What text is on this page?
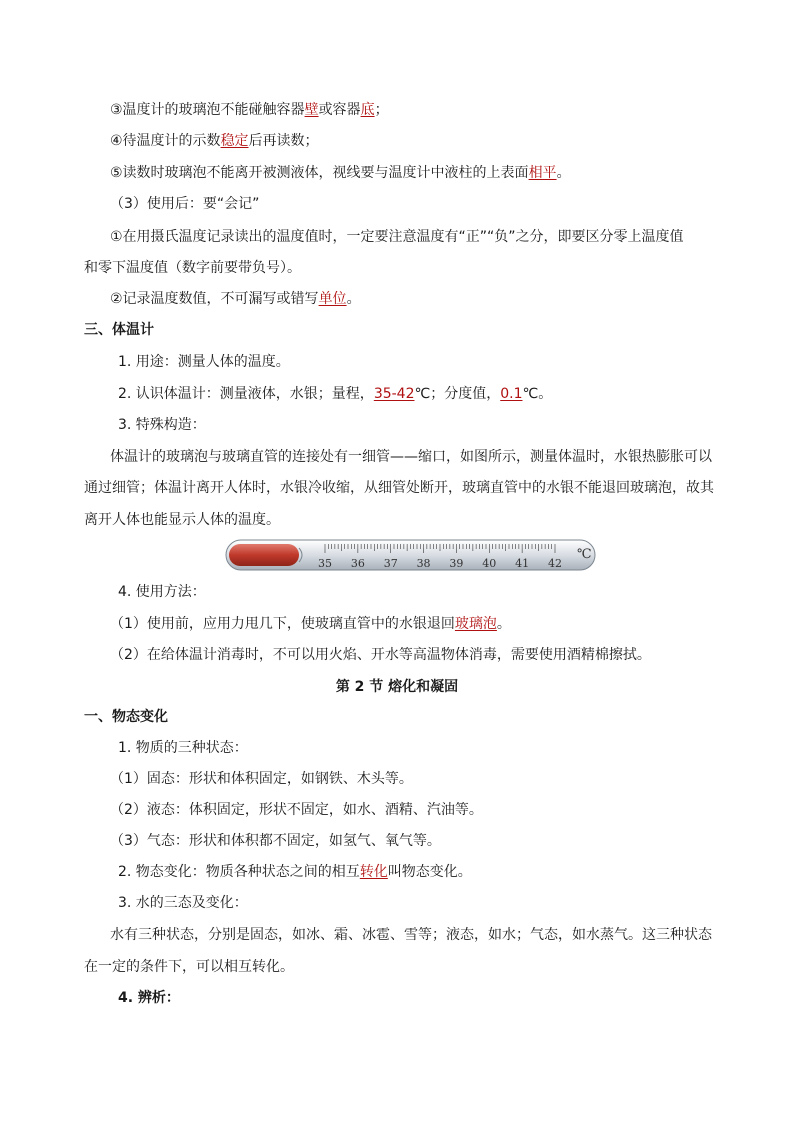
③温度计的玻璃泡不能碰触容器壁或容器底；
④待温度计的示数稳定后再读数；
⑤读数时玻璃泡不能离开被测液体，视线要与温度计中液柱的上表面相平。
（3）使用后：要“会记”
①在用摄氏温度记录读出的温度值时，一定要注意温度有“正”“负”之分，即要区分零上温度值
和零下温度值（数字前要带负号）。
②记录温度数值，不可漏写或错写单位。
三、体温计
1. 用途：测量人体的温度。
2. 认识体温计：测量液体，水银；量程，35-42℃；分度值，0.1℃。
3. 特殊构造：
体温计的玻璃泡与玻璃直管的连接处有一细管——缩口，如图所示，测量体温时，水银热膨胀可以
通过细管；体温计离开人体时，水银冷收缩，从细管处断开，玻璃直管中的水银不能退回玻璃泡，故其
离开人体也能显示人体的温度。
4. 使用方法：
（1）使用前，应用力甩几下，使玻璃直管中的水银退回玻璃泡。
（2）在给体温计消毒时，不可以用火焰、开水等高温物体消毒，需要使用酒精棉擦拭。
第 2 节 熔化和凝固
一、物态变化
1. 物质的三种状态：
（1）固态：形状和体积固定，如钢铁、木头等。
（2）液态：体积固定，形状不固定，如水、酒精、汽油等。
（3）气态：形状和体积都不固定，如氢气、氧气等。
2. 物态变化：物质各种状态之间的相互转化叫物态变化。
3. 水的三态及变化：
水有三种状态，分别是固态，如冰、霜、冰雹、雪等；液态，如水；气态，如水蒸气。这三种状态
在一定的条件下，可以相互转化。
4. 辨析：
35 36 37 38 39 40 41 42
℃
